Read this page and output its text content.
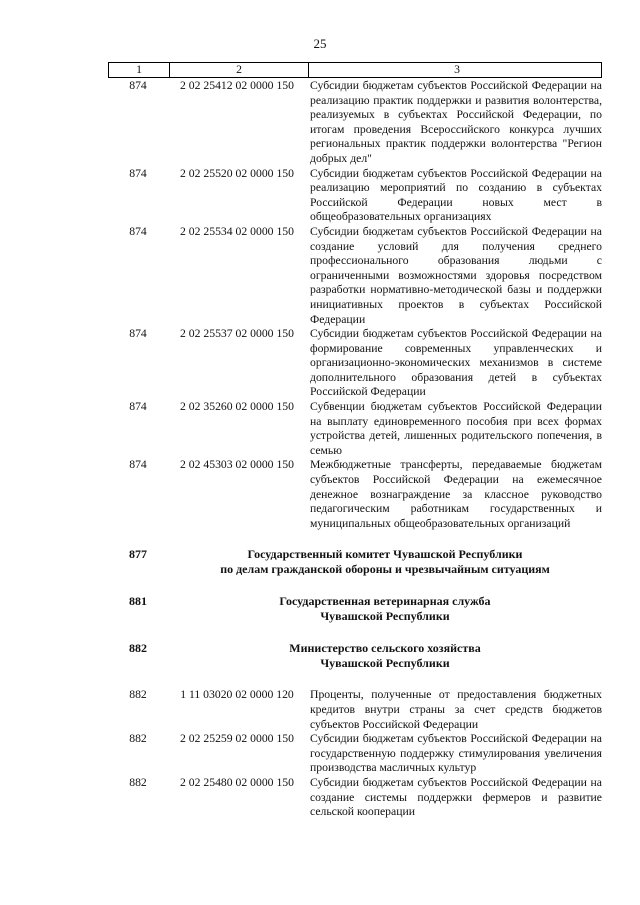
25
1	2	3
874	2 02 25412 02 0000 150	Субсидии бюджетам субъектов Российской Федерации на реализацию практик поддержки и развития волонтерства, реализуемых в субъектах Российской Федерации, по итогам проведения Всероссийского конкурса лучших региональных практик поддержки волонтерства "Регион добрых дел"
874	2 02 25520 02 0000 150	Субсидии бюджетам субъектов Российской Федерации на реализацию мероприятий по созданию в субъектах Российской Федерации новых мест в общеобразовательных организациях
874	2 02 25534 02 0000 150	Субсидии бюджетам субъектов Российской Федерации на создание условий для получения среднего профессионального образования людьми с ограниченными возможностями здоровья посредством разработки нормативно-методической базы и поддержки инициативных проектов в субъектах Российской Федерации
874	2 02 25537 02 0000 150	Субсидии бюджетам субъектов Российской Федерации на формирование современных управленческих и организационно-экономических механизмов в системе дополнительного образования детей в субъектах Российской Федерации
874	2 02 35260 02 0000 150	Субвенции бюджетам субъектов Российской Федерации на выплату единовременного пособия при всех формах устройства детей, лишенных родительского попечения, в семью
874	2 02 45303 02 0000 150	Межбюджетные трансферты, передаваемые бюджетам субъектов Российской Федерации на ежемесячное денежное вознаграждение за классное руководство педагогическим работникам государственных и муниципальных общеобразовательных организаций
877	Государственный комитет Чувашской Республики
по делам гражданской обороны и чрезвычайным ситуациям
881	Государственная ветеринарная служба
Чувашской Республики
882	Министерство сельского хозяйства
Чувашской Республики
882	1 11 03020 02 0000 120	Проценты, полученные от предоставления бюджетных кредитов внутри страны за счет средств бюджетов субъектов Российской Федерации
882	2 02 25259 02 0000 150	Субсидии бюджетам субъектов Российской Федерации на государственную поддержку стимулирования увеличения производства масличных культур
882	2 02 25480 02 0000 150	Субсидии бюджетам субъектов Российской Федерации на создание системы поддержки фермеров и развитие сельской кооперации
